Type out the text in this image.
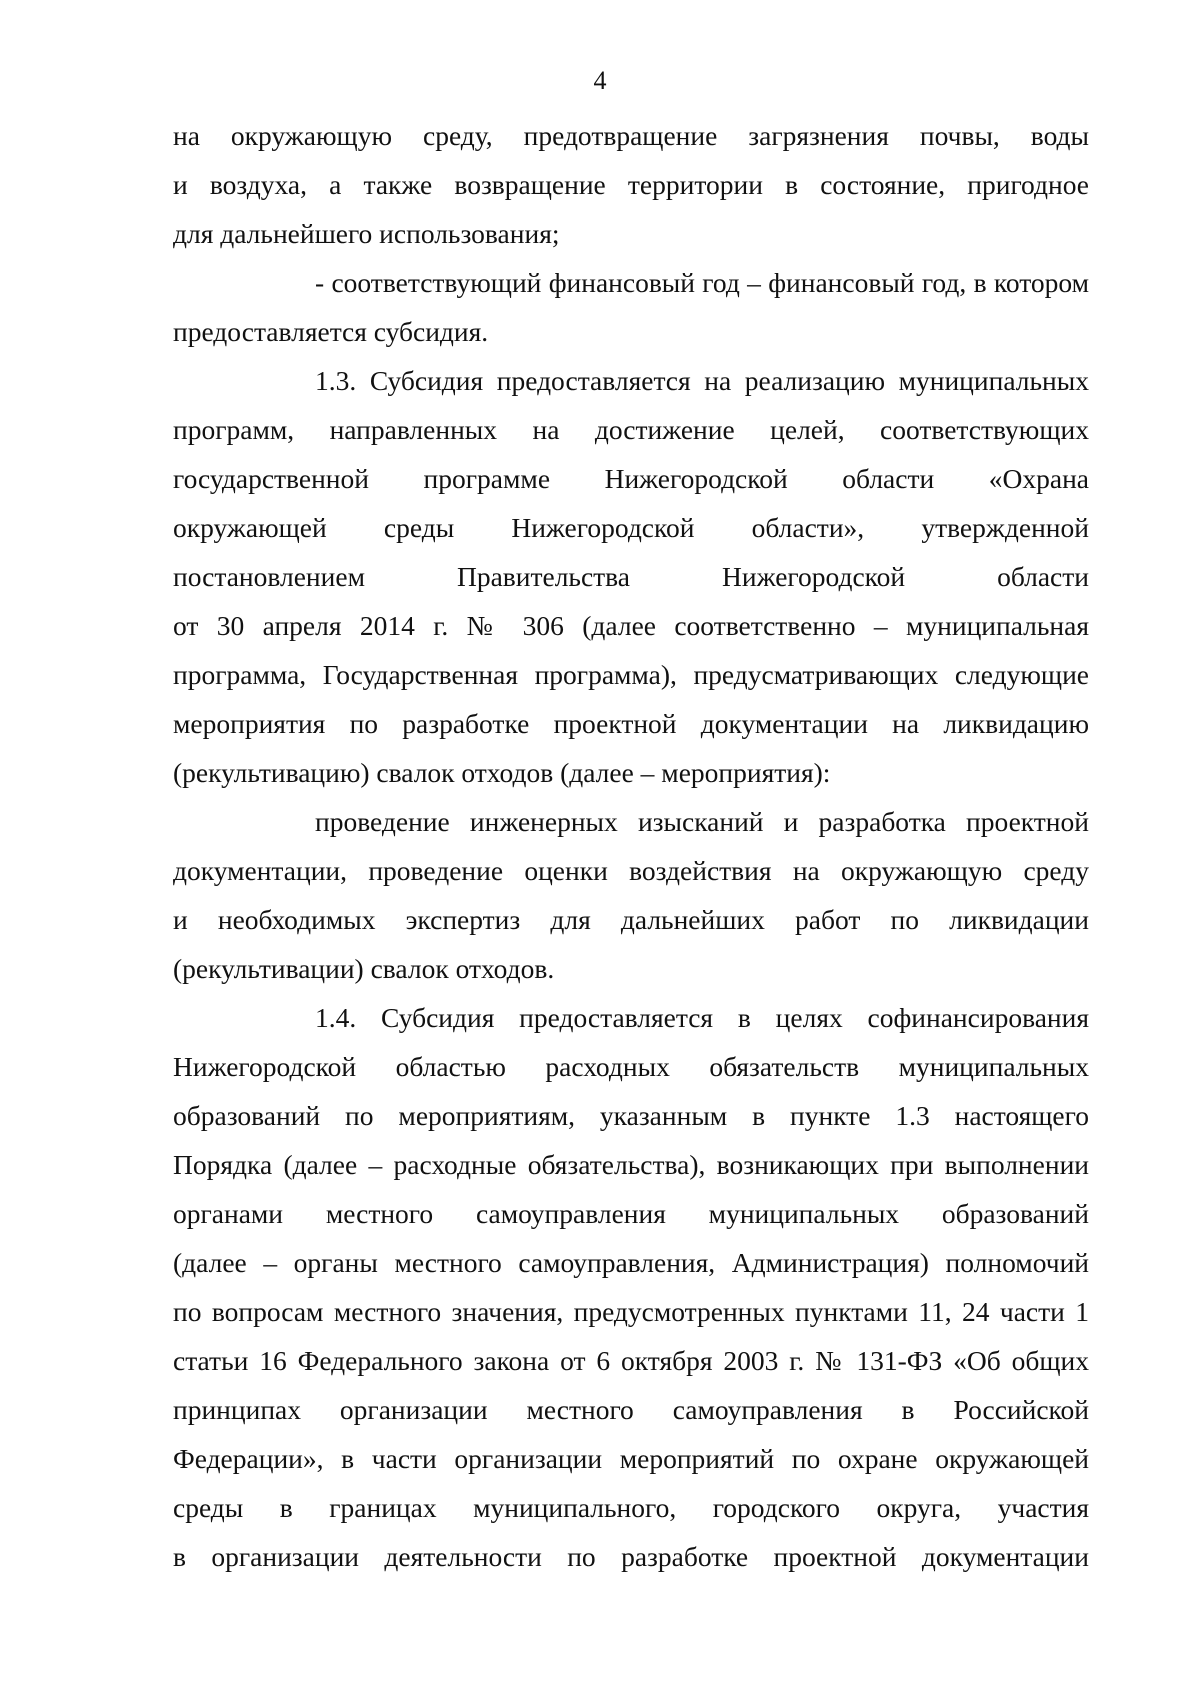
4
на окружающую среду, предотвращение загрязнения почвы, воды
и воздуха, а также возвращение территории в состояние, пригодное
для дальнейшего использования;
- соответствующий финансовый год – финансовый год, в котором
предоставляется субсидия.
1.3. Субсидия предоставляется на реализацию муниципальных
программ, направленных на достижение целей, соответствующих
государственной программе Нижегородской области «Охрана
окружающей среды Нижегородской области», утвержденной
постановлением Правительства Нижегородской области
от 30 апреля 2014 г. № 306 (далее соответственно – муниципальная
программа, Государственная программа), предусматривающих следующие
мероприятия по разработке проектной документации на ликвидацию
(рекультивацию) свалок отходов (далее – мероприятия):
проведение инженерных изысканий и разработка проектной
документации, проведение оценки воздействия на окружающую среду
и необходимых экспертиз для дальнейших работ по ликвидации
(рекультивации) свалок отходов.
1.4. Субсидия предоставляется в целях софинансирования
Нижегородской областью расходных обязательств муниципальных
образований по мероприятиям, указанным в пункте 1.3 настоящего
Порядка (далее – расходные обязательства), возникающих при выполнении
органами местного самоуправления муниципальных образований
(далее – органы местного самоуправления, Администрация) полномочий
по вопросам местного значения, предусмотренных пунктами 11, 24 части 1
статьи 16 Федерального закона от 6 октября 2003 г. № 131-ФЗ «Об общих
принципах организации местного самоуправления в Российской
Федерации», в части организации мероприятий по охране окружающей
среды в границах муниципального, городского округа, участия
в организации деятельности по разработке проектной документации
